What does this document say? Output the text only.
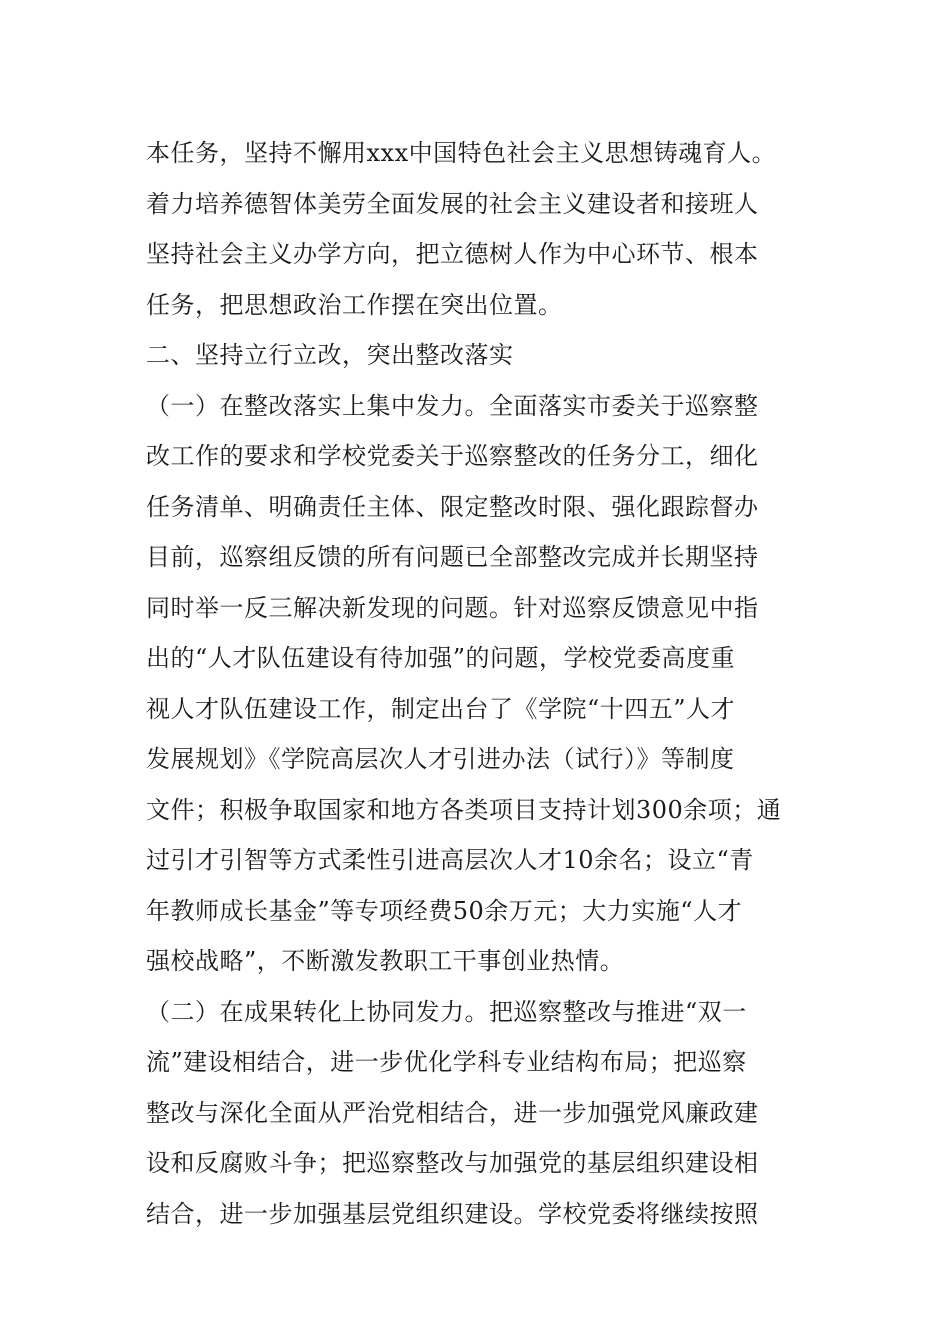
本任务，坚持不懈用xxx中国特色社会主义思想铸魂育人。
着力培养德智体美劳全面发展的社会主义建设者和接班人
坚持社会主义办学方向，把立德树人作为中心环节、根本
任务，把思想政治工作摆在突出位置。
二、坚持立行立改，突出整改落实
（一）在整改落实上集中发力。全面落实市委关于巡察整
改工作的要求和学校党委关于巡察整改的任务分工，细化
任务清单、明确责任主体、限定整改时限、强化跟踪督办
目前，巡察组反馈的所有问题已全部整改完成并长期坚持
同时举一反三解决新发现的问题。针对巡察反馈意见中指
出的“人才队伍建设有待加强”的问题，学校党委高度重
视人才队伍建设工作，制定出台了《学院“十四五”人才
发展规划》《学院高层次人才引进办法（试行）》等制度
文件；积极争取国家和地方各类项目支持计划300余项；通
过引才引智等方式柔性引进高层次人才10余名；设立“青
年教师成长基金”等专项经费50余万元；大力实施“人才
强校战略”，不断激发教职工干事创业热情。
（二）在成果转化上协同发力。把巡察整改与推进“双一
流”建设相结合，进一步优化学科专业结构布局；把巡察
整改与深化全面从严治党相结合，进一步加强党风廉政建
设和反腐败斗争；把巡察整改与加强党的基层组织建设相
结合，进一步加强基层党组织建设。学校党委将继续按照
